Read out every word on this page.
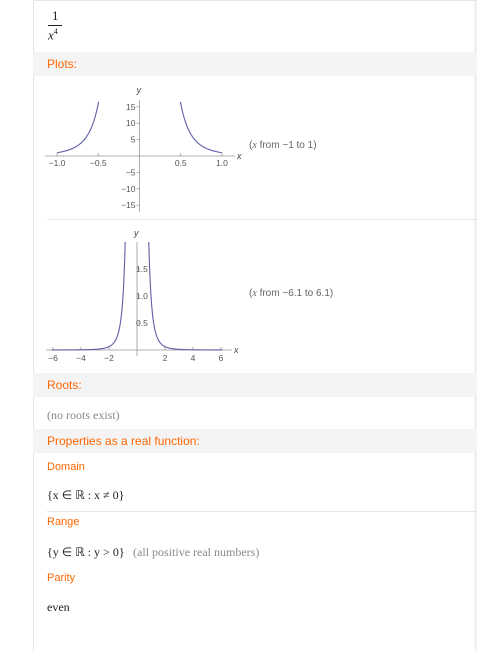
1
$x^4$
Plots:
x
y
−1.0	−0.5	0.5	1.0
15
10
5
−5
−10
−15
(x from −1 to 1)
x
y
−6 −4 −2	2	4	6
1.5
1.0
0.5
(x from −6.1 to 6.1)
Roots:
(no roots exist)
Properties as a real function:
Domain
{x ∈ ℝ : x ≠ 0}
Range
{y ∈ ℝ : y > 0} (all positive real numbers)
Parity
even
